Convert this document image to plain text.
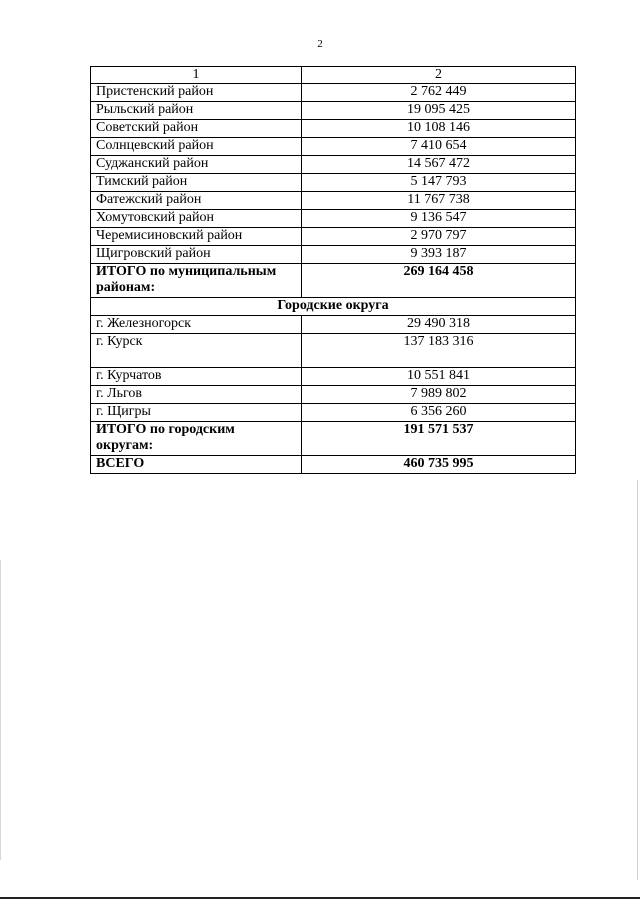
2
1	2
Пристенский район	2 762 449
Рыльский район	19 095 425
Советский район	10 108 146
Солнцевский район	7 410 654
Суджанский район	14 567 472
Тимский район	5 147 793
Фатежский район	11 767 738
Хомутовский район	9 136 547
Черемисиновский район	2 970 797
Щигровский район	9 393 187
ИТОГО по муниципальным
районам:	269 164 458
Городские округа	
г. Железногорск	29 490 318
г. Курск	137 183 316
г. Курчатов	10 551 841
г. Льгов	7 989 802
г. Щигры	6 356 260
ИТОГО по городским
округам:	191 571 537
ВСЕГО	460 735 995
